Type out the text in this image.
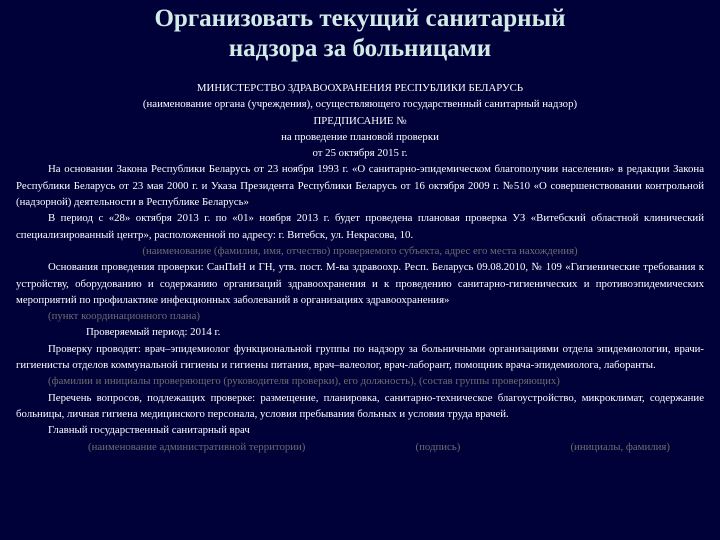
Организовать текущий санитарный
надзора за больницами
МИНИСТЕРСТВО ЗДРАВООХРАНЕНИЯ РЕСПУБЛИКИ БЕЛАРУСЬ
(наименование органа (учреждения), осуществляющего государственный санитарный надзор)
ПРЕДПИСАНИЕ №
на проведение плановой проверки
от 25 октября 2015 г.
На основании Закона Республики Беларусь от 23 ноября 1993 г. «О санитарно-эпидемическом благополучии населения» в редакции Закона Республики Беларусь от 23 мая 2000 г. и Указа Президента Республики Беларусь от 16 октября 2009 г. №510 «О совершенствовании контрольной (надзорной) деятельности в Республике Беларусь»
В период с «28» октября 2013 г. по «01» ноября 2013 г. будет проведена плановая проверка УЗ «Витебский областной клинический специализированный центр», расположенной по адресу: г. Витебск, ул. Некрасова, 10.
(наименование (фамилия, имя, отчество) проверяемого субъекта, адрес его места нахождения)
Основания проведения проверки: СанПиН и ГН, утв. пост. М-ва здравоохр. Респ. Беларусь 09.08.2010, № 109 «Гигиенические требования к устройству, оборудованию и содержанию организаций здравоохранения и к проведению санитарно-гигиенических и противоэпидемических мероприятий по профилактике инфекционных заболеваний в организациях здравоохранения»
(пункт координационного плана)
Проверяемый период: 2014 г.
Проверку проводят: врач–эпидемиолог функциональной группы по надзору за больничными организациями отдела эпидемиологии, врачи-гигиенисты отделов коммунальной гигиены и гигиены питания, врач–валеолог, врач-лаборант, помощник врача-эпидемиолога, лаборанты.
(фамилии и инициалы проверяющего (руководителя проверки), его должность), (состав группы проверяющих)
Перечень вопросов, подлежащих проверке: размещение, планировка, санитарно-техническое благоустройство, микроклимат, содержание больницы, личная гигиена медицинского персонала, условия пребывания больных и условия труда врачей.
Главный государственный санитарный врач
(наименование административной территории)	(подпись)	(инициалы, фамилия)
